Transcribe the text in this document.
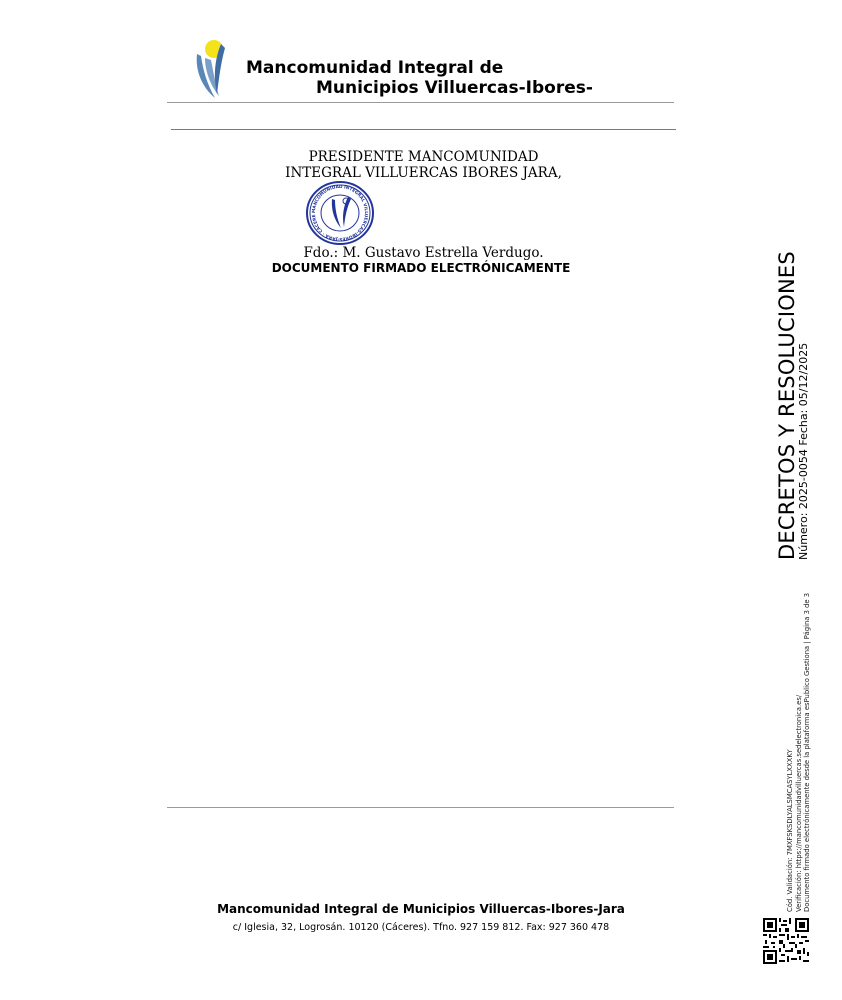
Mancomunidad Integral de
Municipios Villuercas-Ibores-
PRESIDENTE MANCOMUNIDAD
INTEGRAL VILLUERCAS IBORES JARA,
MANCOMUNIDAD INTEGRAL VILLUERCAS-IBORES-JARA · CÁCERE
Fdo.: M. Gustavo Estrella Verdugo.
DOCUMENTO FIRMADO ELECTRÓNICAMENTE
Mancomunidad Integral de Municipios Villuercas-Ibores-Jara
c/ Iglesia, 32, Logrosán. 10120 (Cáceres). Tfno. 927 159 812. Fax: 927 360 478
DECRETOS Y RESOLUCIONES
Número: 2025-0054 Fecha: 05/12/2025
Cód. Validación: 7MXFSKSDLYALSMCASYLXXXKY Verificación: https://mancomunidadvilluercas.sedelectronica.es/ Documento firmado electrónicamente desde la plataforma esPublico Gestiona | Página 3 de 3
